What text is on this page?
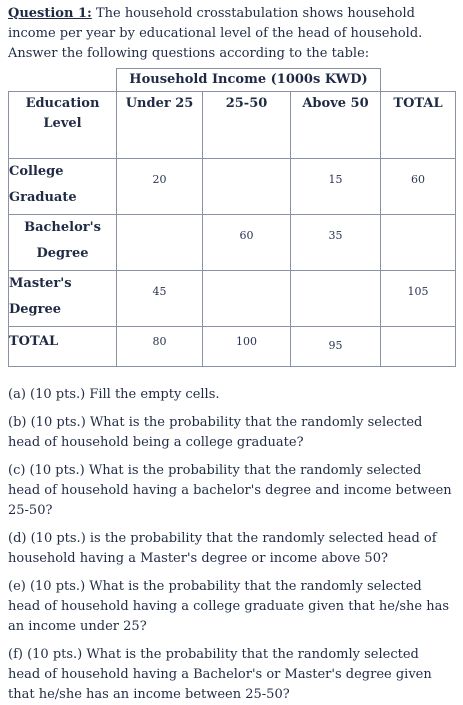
Question 1: The household crosstabulation shows household income per year by educational level of the head of household. Answer the following questions according to the table:

	Household Income (1000s KWD)			
Education Level	Under 25	25-50	Above 50	TOTAL
College Graduate	20		15	60
Bachelor's Degree		60	35	
Master's Degree	45			105
TOTAL	80	100	95	

(a) (10 pts.) Fill the empty cells.

(b) (10 pts.) What is the probability that the randomly selected head of household being a college graduate?

(c) (10 pts.) What is the probability that the randomly selected head of household having a bachelor's degree and income between 25-50?

(d) (10 pts.) is the probability that the randomly selected head of household having a Master's degree or income above 50?

(e) (10 pts.) What is the probability that the randomly selected head of household having a college graduate given that he/she has an income under 25?

(f) (10 pts.) What is the probability that the randomly selected head of household having a Bachelor's or Master's degree given that he/she has an income between 25-50?
